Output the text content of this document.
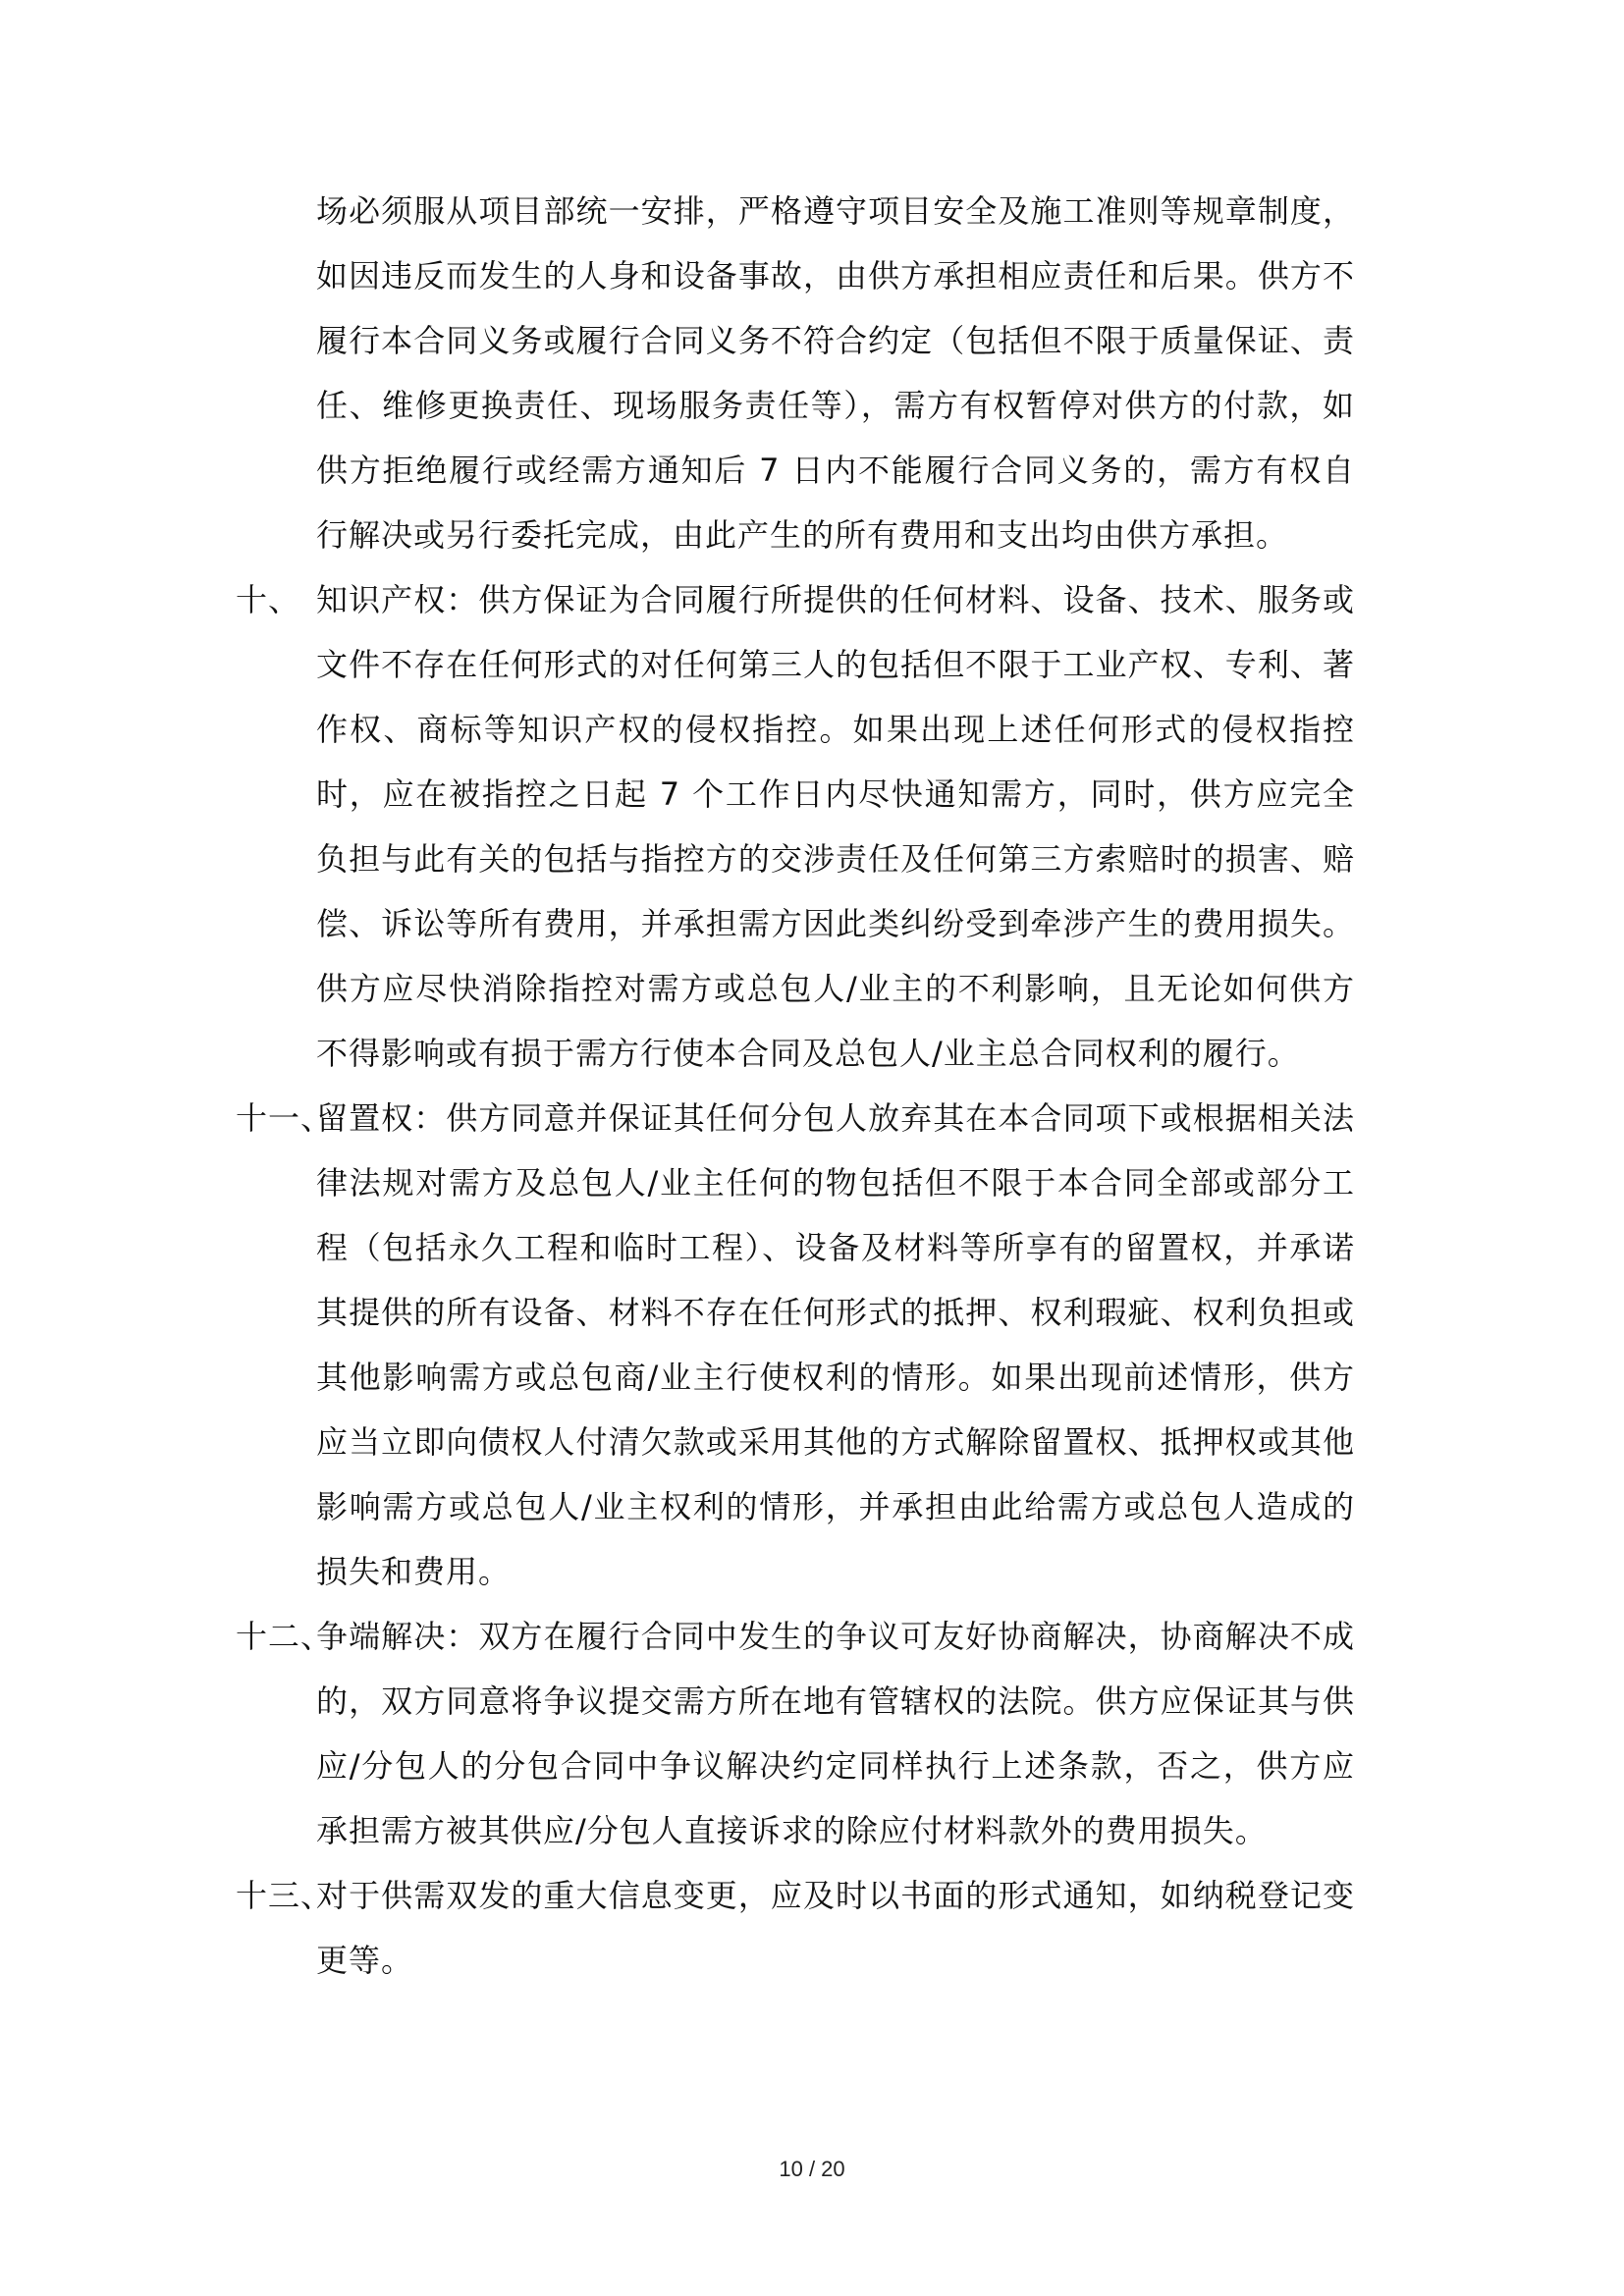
场必须服从项目部统一安排，严格遵守项目安全及施工准则等规章制度，如因违反而发生的人身和设备事故，由供方承担相应责任和后果。供方不履行本合同义务或履行合同义务不符合约定（包括但不限于质量保证、责任、维修更换责任、现场服务责任等），需方有权暂停对供方的付款，如供方拒绝履行或经需方通知后 7 日内不能履行合同义务的，需方有权自行解决或另行委托完成，由此产生的所有费用和支出均由供方承担。
十、 知识产权：供方保证为合同履行所提供的任何材料、设备、技术、服务或文件不存在任何形式的对任何第三人的包括但不限于工业产权、专利、著作权、商标等知识产权的侵权指控。如果出现上述任何形式的侵权指控时，应在被指控之日起 7 个工作日内尽快通知需方，同时，供方应完全负担与此有关的包括与指控方的交涉责任及任何第三方索赔时的损害、赔偿、诉讼等所有费用，并承担需方因此类纠纷受到牵涉产生的费用损失。供方应尽快消除指控对需方或总包人/业主的不利影响，且无论如何供方不得影响或有损于需方行使本合同及总包人/业主总合同权利的履行。
十一、
留置权：供方同意并保证其任何分包人放弃其在本合同项下或根据相关法律法规对需方及总包人/业主任何的物包括但不限于本合同全部或部分工程（包括永久工程和临时工程）、设备及材料等所享有的留置权，并承诺其提供的所有设备、材料不存在任何形式的抵押、权利瑕疵、权利负担或其他影响需方或总包商/业主行使权利的情形。如果出现前述情形，供方应当立即向债权人付清欠款或采用其他的方式解除留置权、抵押权或其他影响需方或总包人/业主权利的情形，并承担由此给需方或总包人造成的损失和费用。
十二、
争端解决：双方在履行合同中发生的争议可友好协商解决，协商解决不成的，双方同意将争议提交需方所在地有管辖权的法院。供方应保证其与供应/分包人的分包合同中争议解决约定同样执行上述条款，否之，供方应承担需方被其供应/分包人直接诉求的除应付材料款外的费用损失。
十三、
对于供需双发的重大信息变更，应及时以书面的形式通知，如纳税登记变更等。
10 / 20
